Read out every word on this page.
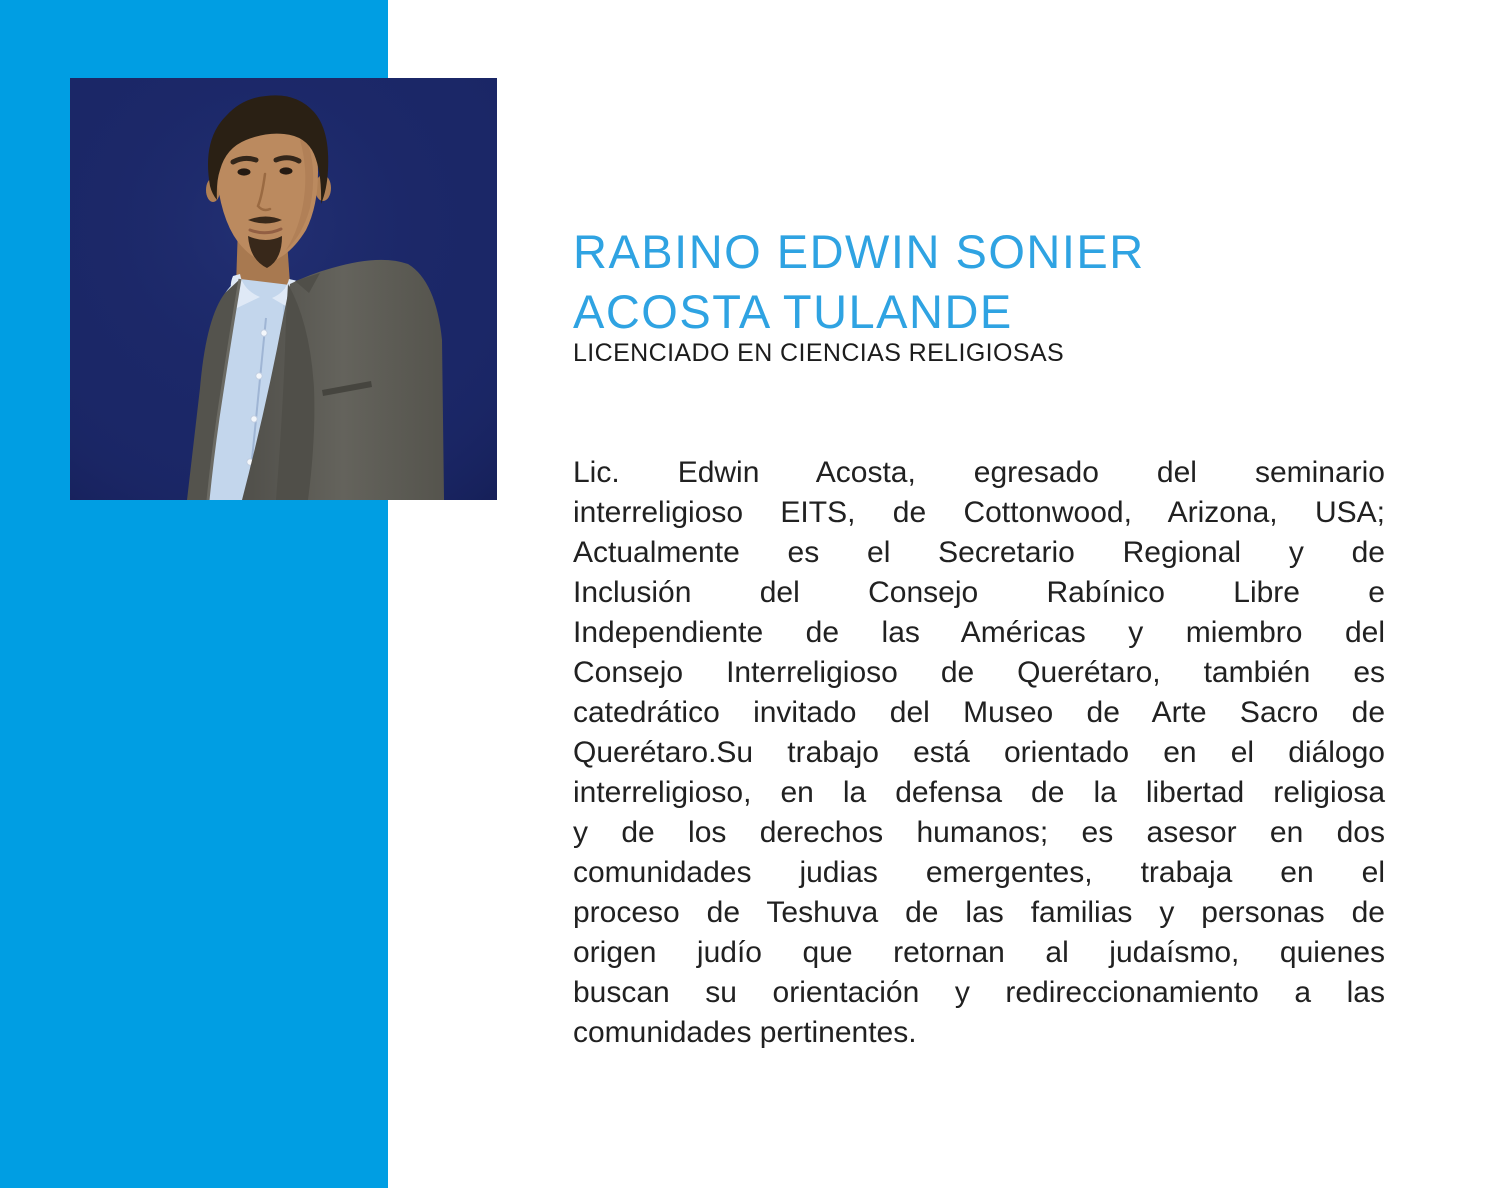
RABINO EDWIN SONIER
ACOSTA TULANDE
LICENCIADO EN CIENCIAS RELIGIOSAS
Lic. Edwin Acosta, egresado del seminario
interreligioso EITS, de Cottonwood, Arizona, USA;
Actualmente es el Secretario Regional y de
Inclusión del Consejo Rabínico Libre e
Independiente de las Américas y miembro del
Consejo Interreligioso de Querétaro, también es
catedrático invitado del Museo de Arte Sacro de
Querétaro.Su trabajo está orientado en el diálogo
interreligioso, en la defensa de la libertad religiosa
y de los derechos humanos; es asesor en dos
comunidades judias emergentes, trabaja en el
proceso de Teshuva de las familias y personas de
origen judío que retornan al judaísmo, quienes
buscan su orientación y redireccionamiento a las
comunidades pertinentes.
